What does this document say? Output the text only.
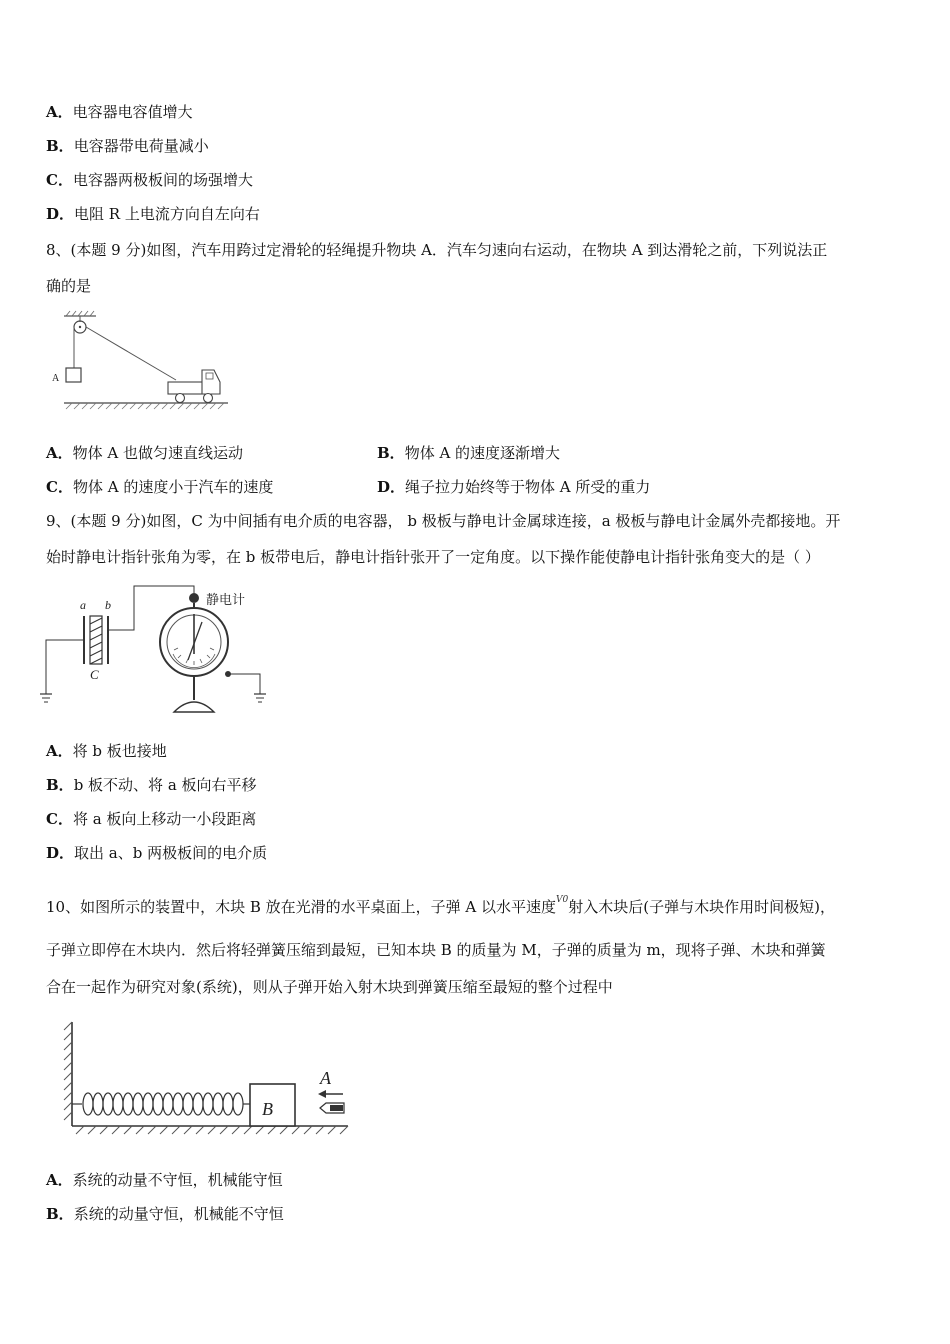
A．电容器电容值增大
B．电容器带电荷量减小
C．电容器两极板间的场强增大
D．电阻 R 上电流方向自左向右
8、(本题 9 分)如图，汽车用跨过定滑轮的轻绳提升物块 A．汽车匀速向右运动，在物块 A 到达滑轮之前，下列说法正
确的是
A
A．物体 A 也做匀速直线运动	B．物体 A 的速度逐渐增大
C．物体 A 的速度小于汽车的速度	D．绳子拉力始终等于物体 A 所受的重力
9、(本题 9 分)如图，C 为中间插有电介质的电容器， b 极板与静电计金属球连接，a 极板与静电计金属外壳都接地。开
始时静电计指针张角为零，在 b 板带电后，静电计指针张开了一定角度。以下操作能使静电计指针张角变大的是（ ）
a b
C
静电计
A．将 b 板也接地
B．b 板不动、将 a 板向右平移
C．将 a 板向上移动一小段距离
D．取出 a、b 两极板间的电介质
10、如图所示的装置中，木块 B 放在光滑的水平桌面上，子弹 A 以水平速度$^{V0}$射入木块后(子弹与木块作用时间极短)，
子弹立即停在木块内．然后将轻弹簧压缩到最短，已知本块 B 的质量为 M，子弹的质量为 m，现将子弹、木块和弹簧
合在一起作为研究对象(系统)，则从子弹开始入射木块到弹簧压缩至最短的整个过程中
B
A
A．系统的动量不守恒，机械能守恒
B．系统的动量守恒，机械能不守恒
